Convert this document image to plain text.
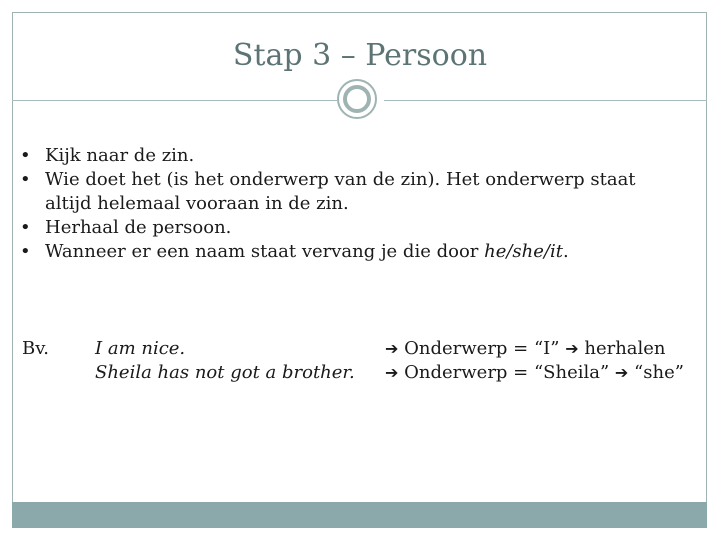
Stap 3 – Persoon
• Kijk naar de zin.
• Wie doet het (is het onderwerp van de zin). Het onderwerp staat altijd helemaal vooraan in de zin.
• Herhaal de persoon.
• Wanneer er een naam staat vervang je die door he/she/it.
Bv.	I am nice.
Sheila has not got a brother.
➔ Onderwerp = “I” ➔ herhalen
➔ Onderwerp = “Sheila” ➔ “she”
